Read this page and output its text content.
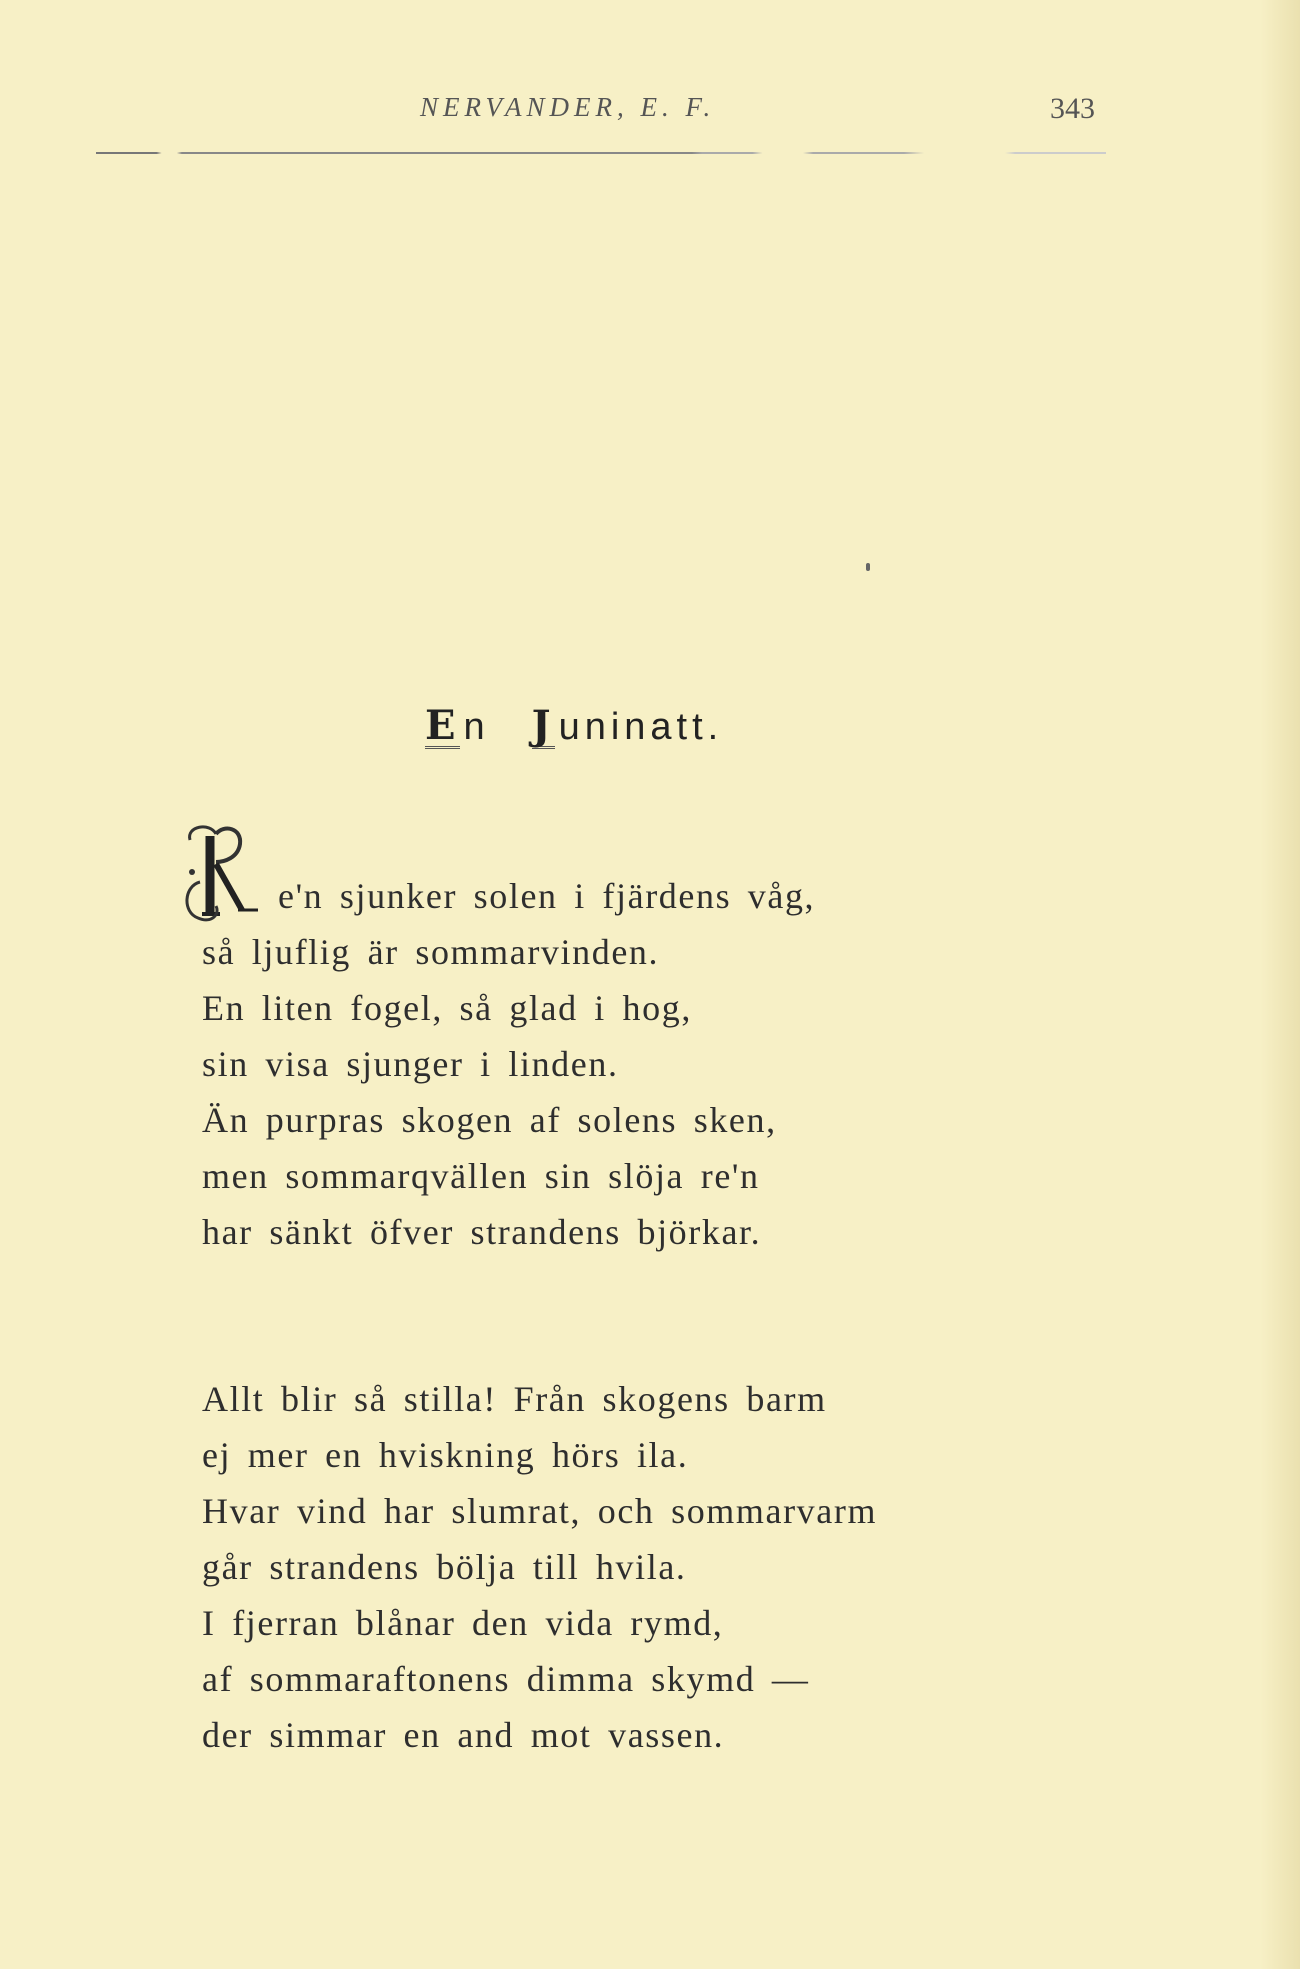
NERVANDER, E. F.	343
E n J uninatt.
e'n sjunker solen i fjärdens våg,
så ljuflig är sommarvinden.
En liten fogel, så glad i hog,
sin visa sjunger i linden.
Än purpras skogen af solens sken,
men sommarqvällen sin slöja re'n
har sänkt öfver strandens björkar.
Allt blir så stilla! Från skogens barm
ej mer en hviskning hörs ila.
Hvar vind har slumrat, och sommarvarm
går strandens bölja till hvila.
I fjerran blånar den vida rymd,
af sommaraftonens dimma skymd —
der simmar en and mot vassen.
